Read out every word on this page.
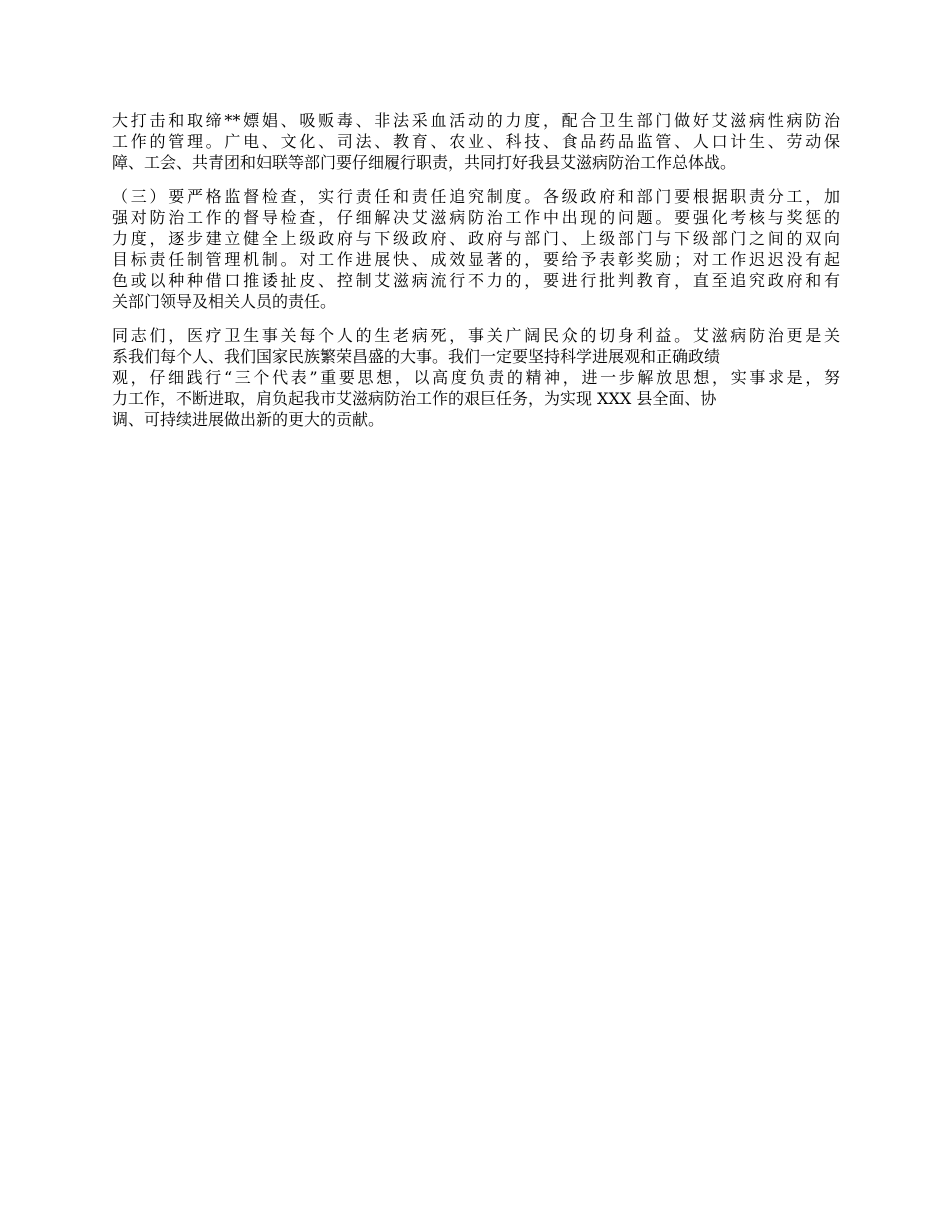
大打击和取缔**嫖娼、吸贩毒、非法采血活动的力度，配合卫生部门做好艾滋病性病防治
工作的管理。广电、文化、司法、教育、农业、科技、食品药品监管、人口计生、劳动保
障、工会、共青团和妇联等部门要仔细履行职责，共同打好我县艾滋病防治工作总体战。

（三）要严格监督检查，实行责任和责任追究制度。各级政府和部门要根据职责分工，加
强对防治工作的督导检查，仔细解决艾滋病防治工作中出现的问题。要强化考核与奖惩的
力度，逐步建立健全上级政府与下级政府、政府与部门、上级部门与下级部门之间的双向
目标责任制管理机制。对工作进展快、成效显著的，要给予表彰奖励；对工作迟迟没有起
色或以种种借口推诿扯皮、控制艾滋病流行不力的，要进行批判教育，直至追究政府和有
关部门领导及相关人员的责任。

同志们，医疗卫生事关每个人的生老病死，事关广阔民众的切身利益。艾滋病防治更是关
系我们每个人、我们国家民族繁荣昌盛的大事。我们一定要坚持科学进展观和正确政绩
观，仔细践行“三个代表”重要思想，以高度负责的精神，进一步解放思想，实事求是，努
力工作，不断进取，肩负起我市艾滋病防治工作的艰巨任务，为实现 XXX 县全面、协
调、可持续进展做出新的更大的贡献。
